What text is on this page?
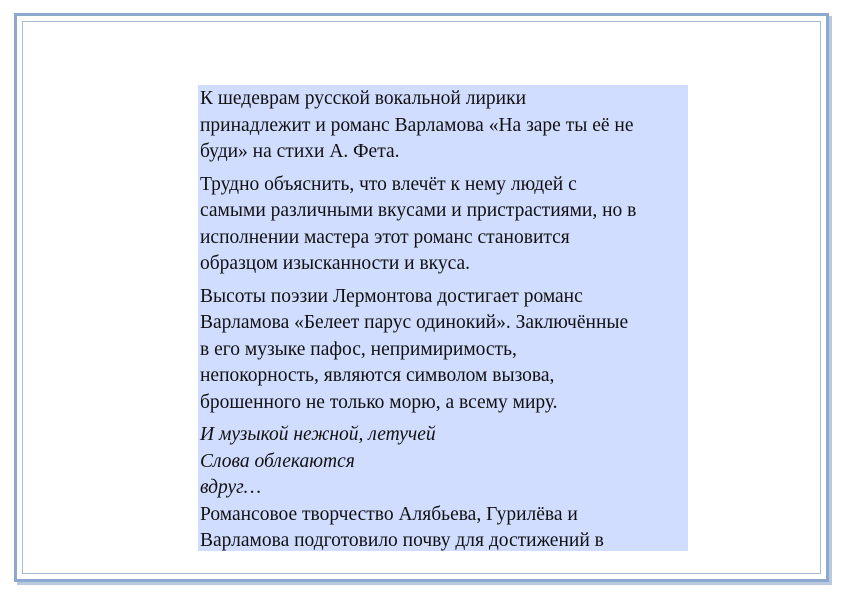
К шедеврам русской вокальной лирики
принадлежит и романс Варламова «На заре ты её не
буди» на стихи А. Фета.

Трудно объяснить, что влечёт к нему людей с
самыми различными вкусами и пристрастиями, но в
исполнении мастера этот романс становится
образцом изысканности и вкуса.

Высоты поэзии Лермонтова достигает романс
Варламова «Белеет парус одинокий». Заключённые
в его музыке пафос, непримиримость,
непокорность, являются символом вызова,
брошенного не только морю, а всему миру.

И музыкой нежной, летучей
Слова облекаются
вдруг…

Романсовое творчество Алябьева, Гурилёва и
Варламова подготовило почву для достижений в
